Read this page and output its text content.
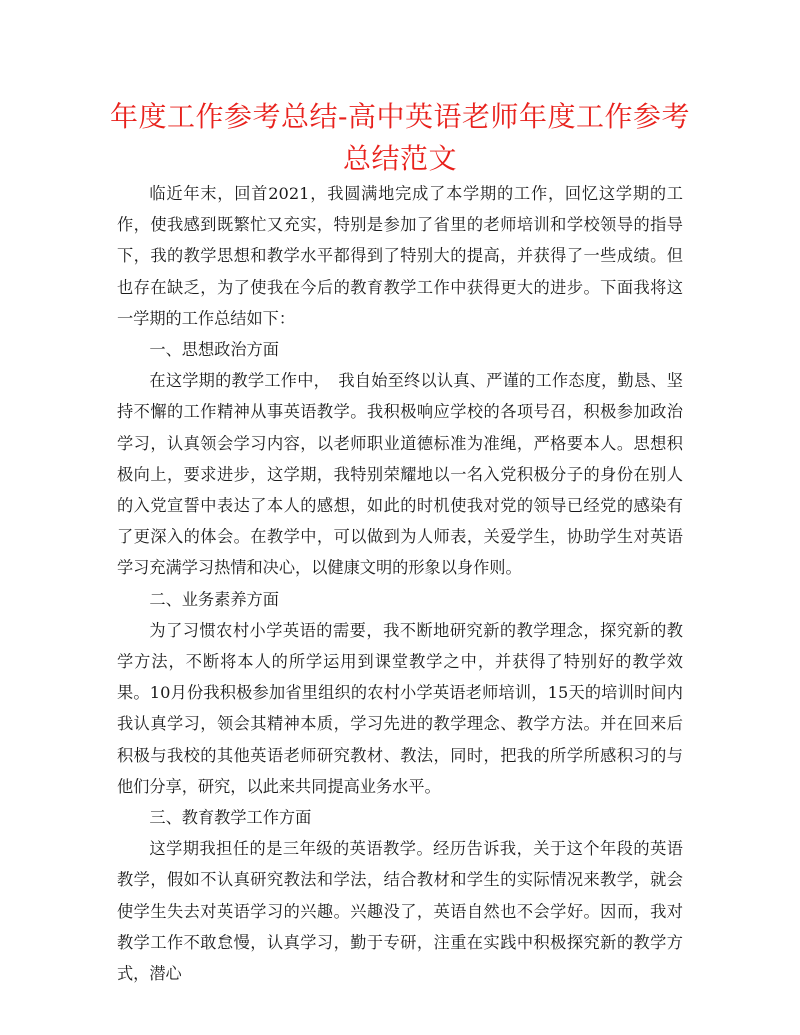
年度工作参考总结-高中英语老师年度工作参考总结范文

临近年末，回首2021，我圆满地完成了本学期的工作，回忆这学期的工作，使我感到既繁忙又充实，特别是参加了省里的老师培训和学校领导的指导下，我的教学思想和教学水平都得到了特别大的提高，并获得了一些成绩。但也存在缺乏，为了使我在今后的教育教学工作中获得更大的进步。下面我将这一学期的工作总结如下：

一、思想政治方面

在这学期的教学工作中，　我自始至终以认真、严谨的工作态度，勤恳、坚持不懈的工作精神从事英语教学。我积极响应学校的各项号召，积极参加政治学习，认真领会学习内容，以老师职业道德标准为准绳，严格要本人。思想积极向上，要求进步，这学期，我特别荣耀地以一名入党积极分子的身份在别人的入党宣誓中表达了本人的感想，如此的时机使我对党的领导已经党的感染有了更深入的体会。在教学中，可以做到为人师表，关爱学生，协助学生对英语学习充满学习热情和决心，以健康文明的形象以身作则。

二、业务素养方面

为了习惯农村小学英语的需要，我不断地研究新的教学理念，探究新的教学方法，不断将本人的所学运用到课堂教学之中，并获得了特别好的教学效果。10月份我积极参加省里组织的农村小学英语老师培训，15天的培训时间内我认真学习，领会其精神本质，学习先进的教学理念、教学方法。并在回来后积极与我校的其他英语老师研究教材、教法，同时，把我的所学所感积习的与他们分享，研究，以此来共同提高业务水平。

三、教育教学工作方面

这学期我担任的是三年级的英语教学。经历告诉我，关于这个年段的英语教学，假如不认真研究教法和学法，结合教材和学生的实际情况来教学，就会使学生失去对英语学习的兴趣。兴趣没了，英语自然也不会学好。因而，我对教学工作不敢怠慢，认真学习，勤于专研，注重在实践中积极探究新的教学方式，潜心
